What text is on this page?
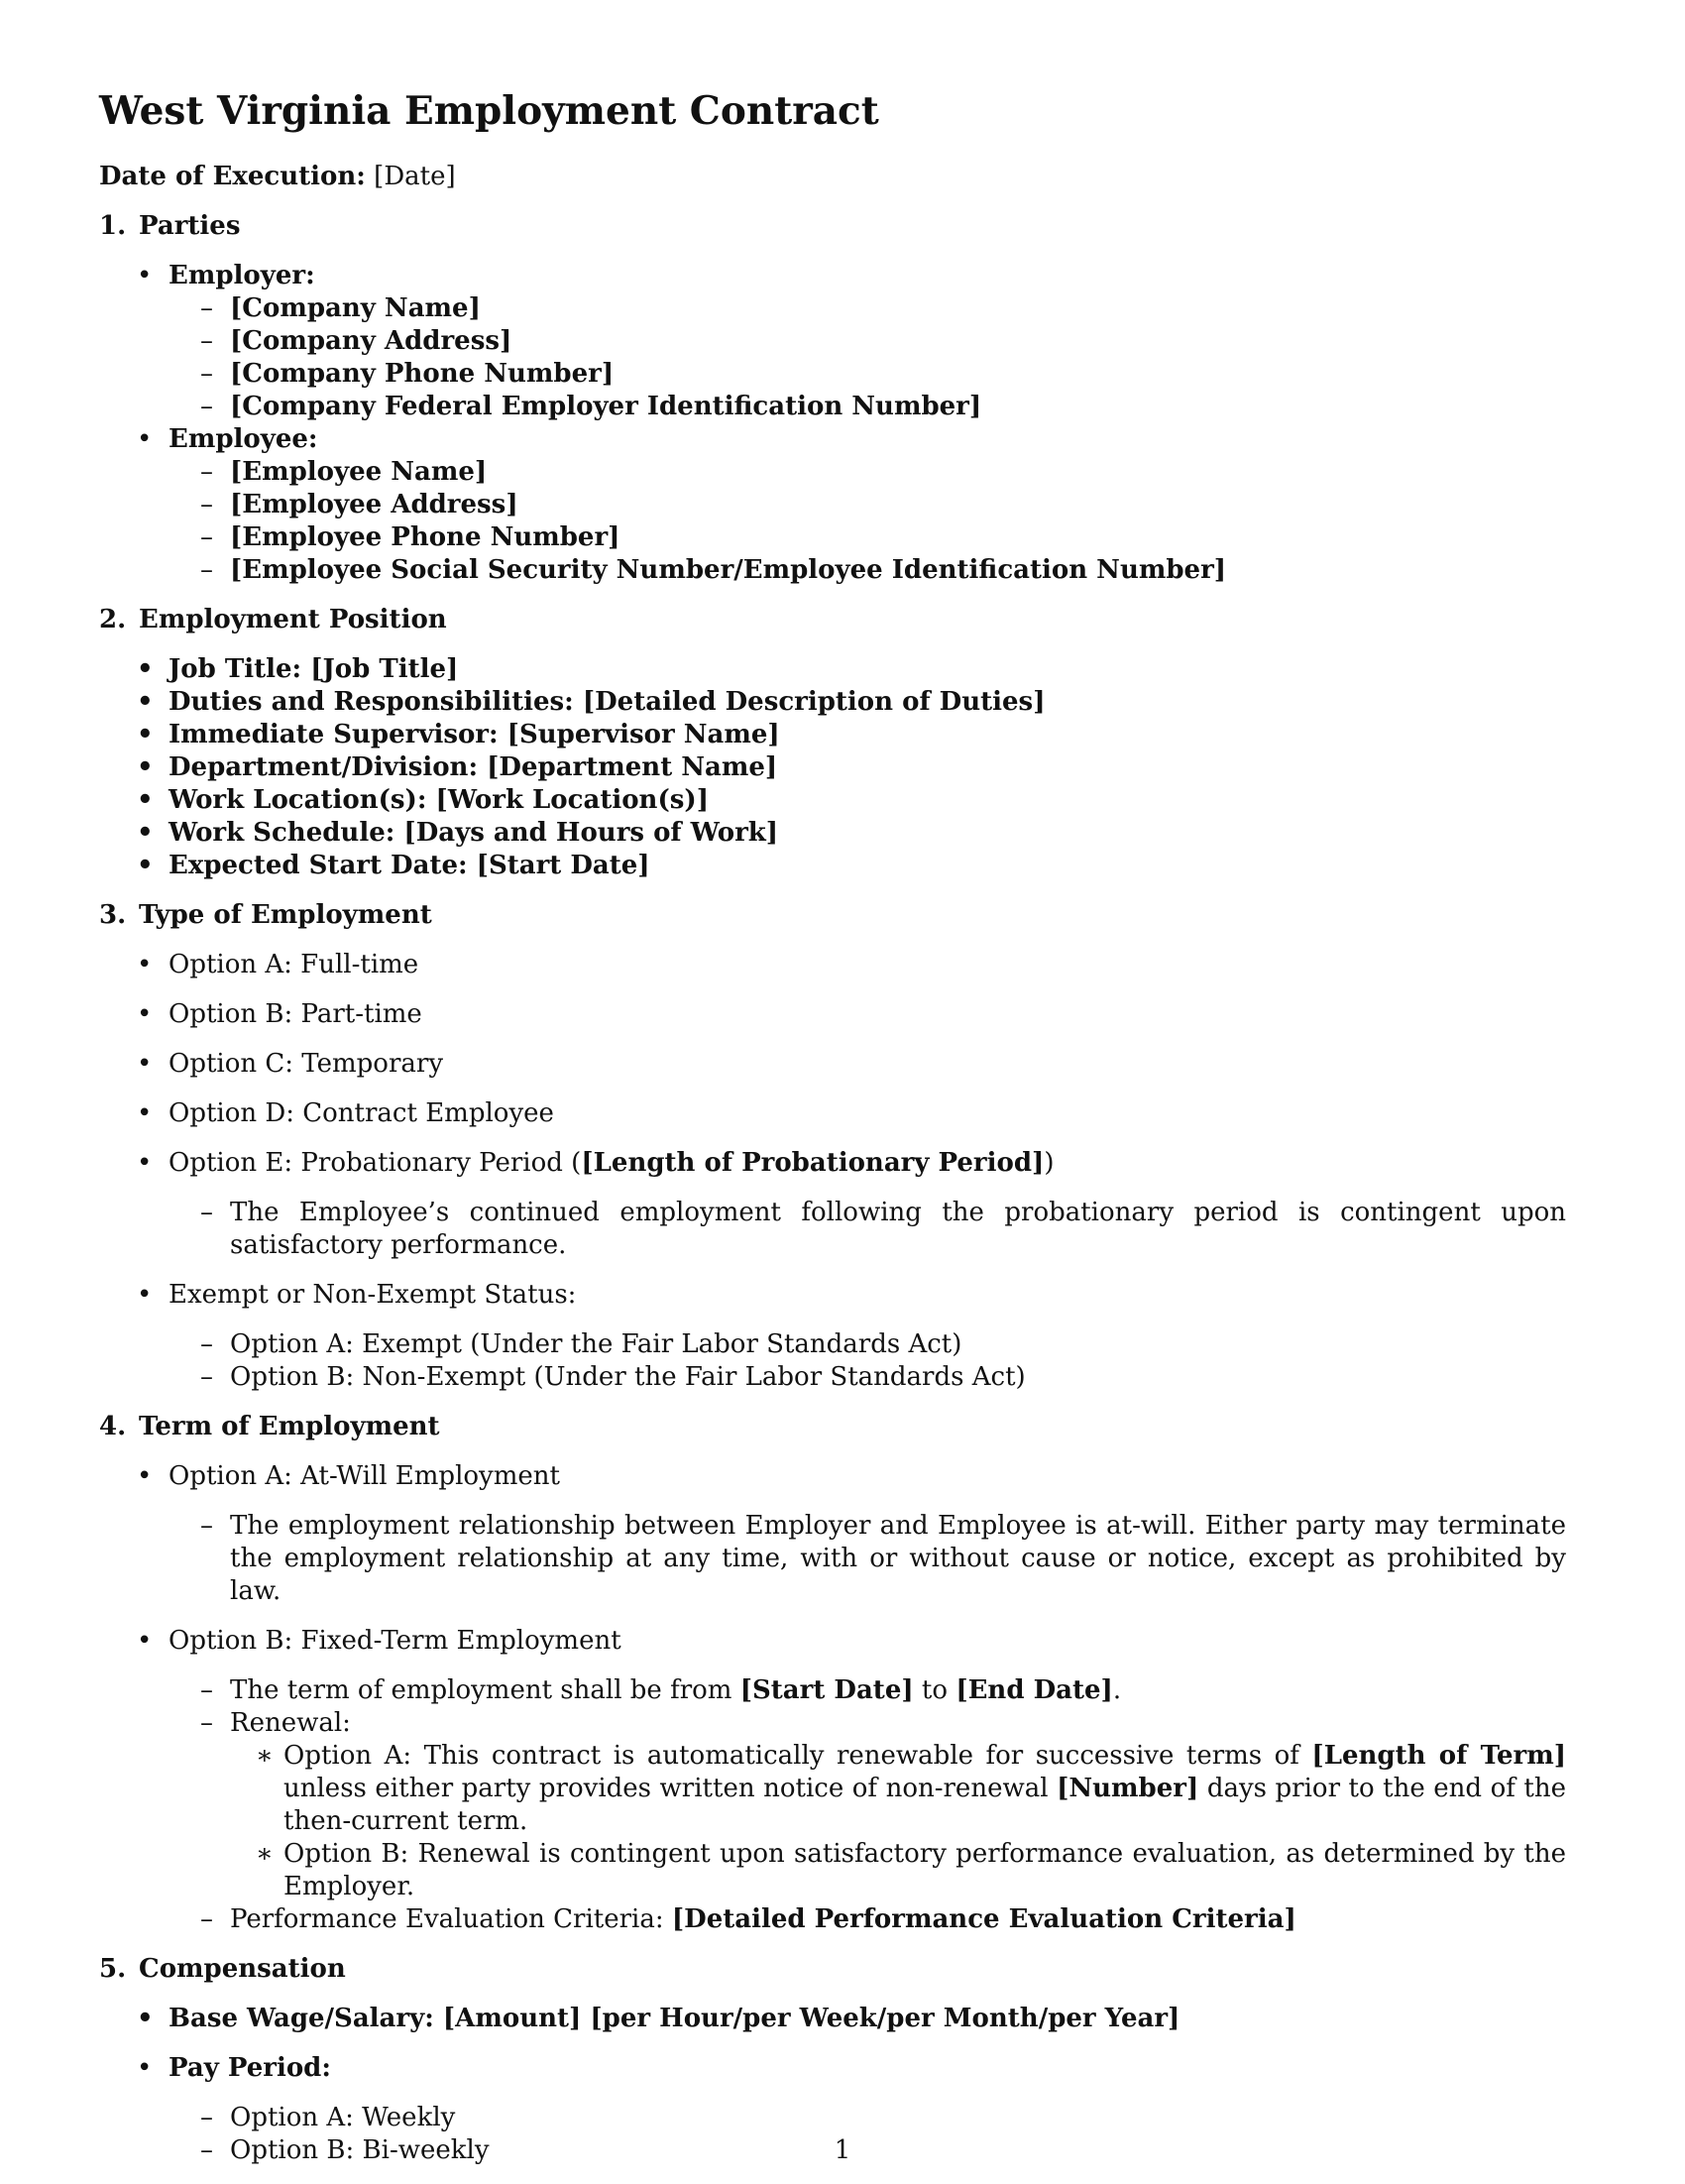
West Virginia Employment Contract
Date of Execution: [Date]
1. Parties
• Employer:
– [Company Name]
– [Company Address]
– [Company Phone Number]
– [Company Federal Employer Identification Number]
• Employee:
– [Employee Name]
– [Employee Address]
– [Employee Phone Number]
– [Employee Social Security Number/Employee Identification Number]
2. Employment Position
• Job Title: [Job Title]
• Duties and Responsibilities: [Detailed Description of Duties]
• Immediate Supervisor: [Supervisor Name]
• Department/Division: [Department Name]
• Work Location(s): [Work Location(s)]
• Work Schedule: [Days and Hours of Work]
• Expected Start Date: [Start Date]
3. Type of Employment
• Option A: Full-time
• Option B: Part-time
• Option C: Temporary
• Option D: Contract Employee
• Option E: Probationary Period ([Length of Probationary Period])
– The Employee’s continued employment following the probationary period is contingent upon satisfactory performance.
• Exempt or Non-Exempt Status:
– Option A: Exempt (Under the Fair Labor Standards Act)
– Option B: Non-Exempt (Under the Fair Labor Standards Act)
4. Term of Employment
• Option A: At-Will Employment
– The employment relationship between Employer and Employee is at-will. Either party may terminate the employment relationship at any time, with or without cause or notice, except as prohibited by law.
• Option B: Fixed-Term Employment
– The term of employment shall be from [Start Date] to [End Date].
– Renewal:
∗ Option A: This contract is automatically renewable for successive terms of [Length of Term] unless either party provides written notice of non-renewal [Number] days prior to the end of the then-current term.
∗ Option B: Renewal is contingent upon satisfactory performance evaluation, as determined by the Employer.
– Performance Evaluation Criteria: [Detailed Performance Evaluation Criteria]
5. Compensation
• Base Wage/Salary: [Amount] [per Hour/per Week/per Month/per Year]
• Pay Period:
– Option A: Weekly
– Option B: Bi-weekly	1
